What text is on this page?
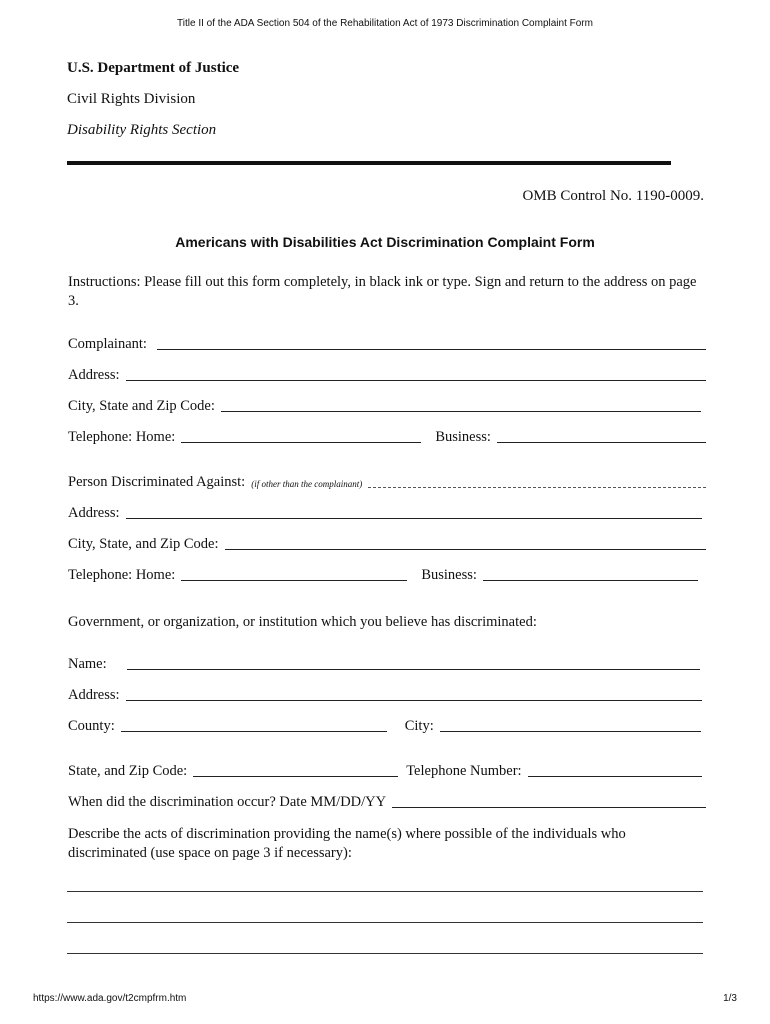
Title II of the ADA Section 504 of the Rehabilitation Act of 1973 Discrimination Complaint Form
U.S. Department of Justice
Civil Rights Division
Disability Rights Section
OMB Control No. 1190-0009.
Americans with Disabilities Act Discrimination Complaint Form
Instructions: Please fill out this form completely, in black ink or type. Sign and return to the address on page 3.
Complainant:
Address:
City, State and Zip Code:
Telephone: Home:	Business:
Person Discriminated Against: (if other than the complainant)
Address:
City, State, and Zip Code:
Telephone: Home:	Business:
Government, or organization, or institution which you believe has discriminated:
Name:
Address:
County:	City:
State, and Zip Code:	Telephone Number:
When did the discrimination occur? Date MM/DD/YY
Describe the acts of discrimination providing the name(s) where possible of the individuals who discriminated (use space on page 3 if necessary):
https://www.ada.gov/t2cmpfrm.htm	1/3
